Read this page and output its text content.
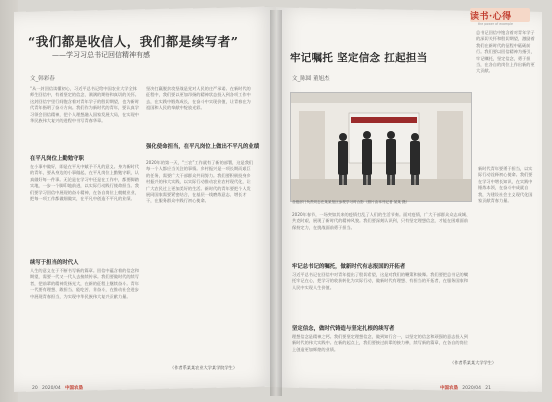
“我们都是收信人，我们都是续写者”
——学习习总书记回信精神有感
文_韩彩春
“从一封回信读懂初心，习近平总书记给中国农业大学全体师生回信中，有着坚定的信念、满满的期待和真切的关怀。这封回信字里行间饱含着对青年学子的殷切期望，也为新时代青年指明了奋斗方向。我们作为新时代的青年，要认真学习领会回信精神，把个人理想融入国家发展大局，在实现中华民族伟大复兴的进程中书写青春华章。
在平凡岗位上勤勉守职
在小事中做好，即是在平凡中赋予不凡的意义。身为新时代的青年，要从身边的小事做起，在平凡岗位上勤勉守职，认真做好每一件事。无论是在学习中还是在工作中，都要脚踏实地，一步一个脚印地前进，以实际行动践行使命担当。我们要学习回信中展现的奋斗精神，在各自岗位上兢兢业业，把每一项工作都做细做实，在平凡中创造不平凡的业绩。
续写于担当的时代人
人生的意义在于不断书写新的篇章。回信中蕴含着的信念和期望，需要一代又一代人去接续传承。我们要做时代的续写者，把前辈的精神发扬光大，在新的征程上继续奋斗。青年一代要有理想、敢担当、能吃苦、肯奋斗，在推动社会进步中展现青春担当，为实现中华民族伟大复兴贡献力量。
坚决打赢脱贫攻坚战是党对人民的庄严承诺。在新时代的征程中，我们要以更加昂扬的精神状态投入到各项工作中去，在实践中锻炼成长，在奋斗中实现价值，让青春在为祖国和人民的奉献中绽放光彩。
强化使命担当，在平凡岗位上做出不平凡的业绩
2020年的第一天，“三农”工作就有了新的部署，这是我们每一个人都应当关注的事情。乡村振兴是一项长期而艰巨的任务，需要广大干部群众共同努力。我们要积极投身乡村振兴的伟大实践，以实际行动推动农业农村现代化，让广大农民过上更加美好的生活。新时代的青年要把个人发展同国家需要紧密结合，在基层一线磨炼意志、增长才干，在服务群众中践行初心使命。
（作者系某某农业大学某学院学生）
20 2020/04 中国农垦
读书·心得
the power of example
牢记嘱托 坚定信念 扛起担当
文_陈圆 董旭杰
总书记回信中饱含着对青年学子的深切关怀和殷切期望，激励着我们在新时代的征程中砥砺前行。我们要以回信精神为指引，牢记嘱托，坚定信念，勇于担当，在各自的岗位上作出新的更大贡献。
各级部门负责同志在某某垦区参观学习时合影（照片由本刊记者 某某 摄）
2020年春节，一场突如其来的疫情打乱了人们的生活节奏。面对疫情，广大干部群众众志成城、共克时艰，展现了新时代的精神风貌。我们要深刻认识到，只有坚定理想信念，才能在困难面前保持定力，在挑战面前勇于担当。
牢记总书记的嘱托，做新时代有志报国的开拓者
习近平总书记在回信中对青年提出了殷切希望，这是对我们的鞭策和鼓舞。我们要把总书记的嘱托牢记在心，把学习的收获转化为实际行动，做新时代有理想、有担当的开拓者，在服务国家和人民中实现人生价值。
坚定信念，做时代铸造与坚定扎根的续写者
理想信念是精神之钙。我们要坚定理想信念，做到知行合一，以坚定的信念和顽强的意志投入到新时代的伟大实践中。在新的起点上，我们要接过前辈的接力棒，续写新的篇章，在各自的岗位上创造更加辉煌的业绩。
新时代青年要勇于担当，以实际行动诠释初心使命。我们要在学习中增长知识，在实践中锤炼本领，在奋斗中成就自我，为建设社会主义现代化国家贡献青春力量。
（作者系某某大学学生）
中国农垦 2020/04 21
